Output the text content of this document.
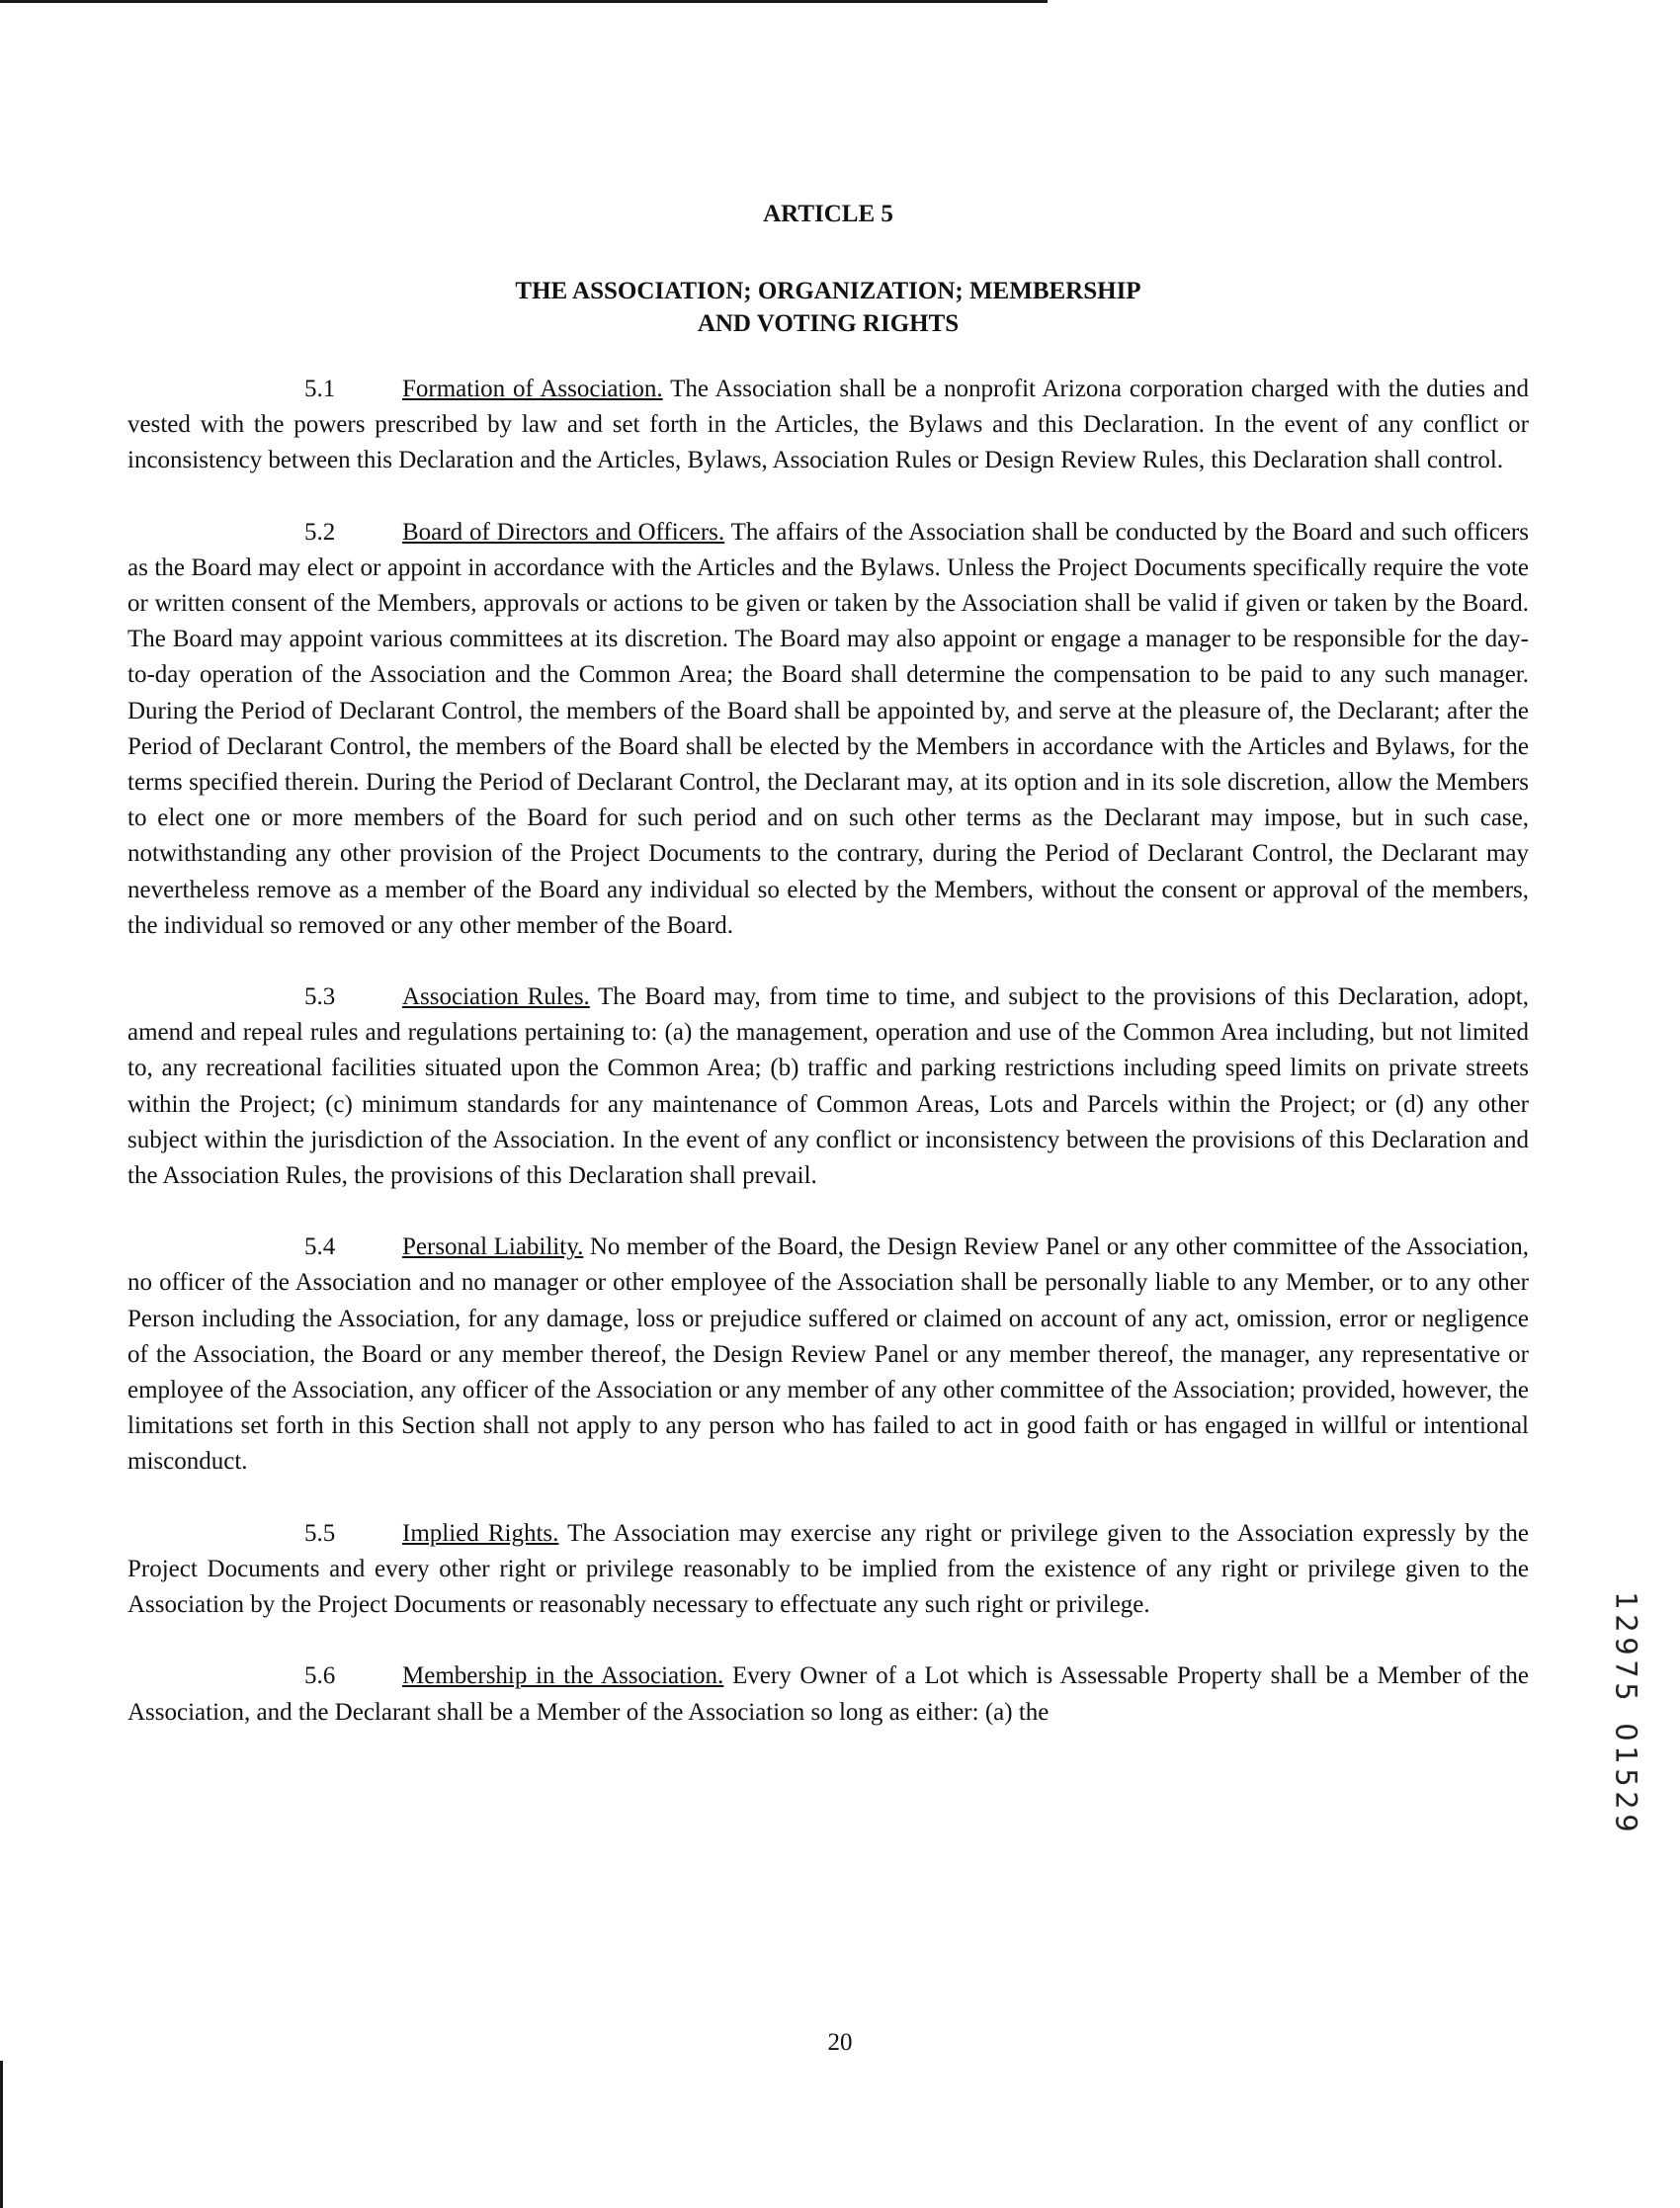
ARTICLE 5
THE ASSOCIATION; ORGANIZATION; MEMBERSHIP
AND VOTING RIGHTS

5.1	Formation of Association. The Association shall be a nonprofit Arizona corporation charged with the duties and vested with the powers prescribed by law and set forth in the Articles, the Bylaws and this Declaration. In the event of any conflict or inconsistency between this Declaration and the Articles, Bylaws, Association Rules or Design Review Rules, this Declaration shall control.

5.2	Board of Directors and Officers. The affairs of the Association shall be conducted by the Board and such officers as the Board may elect or appoint in accordance with the Articles and the Bylaws. Unless the Project Documents specifically require the vote or written consent of the Members, approvals or actions to be given or taken by the Association shall be valid if given or taken by the Board. The Board may appoint various committees at its discretion. The Board may also appoint or engage a manager to be responsible for the day-to-day operation of the Association and the Common Area; the Board shall determine the compensation to be paid to any such manager. During the Period of Declarant Control, the members of the Board shall be appointed by, and serve at the pleasure of, the Declarant; after the Period of Declarant Control, the members of the Board shall be elected by the Members in accordance with the Articles and Bylaws, for the terms specified therein. During the Period of Declarant Control, the Declarant may, at its option and in its sole discretion, allow the Members to elect one or more members of the Board for such period and on such other terms as the Declarant may impose, but in such case, notwithstanding any other provision of the Project Documents to the contrary, during the Period of Declarant Control, the Declarant may nevertheless remove as a member of the Board any individual so elected by the Members, without the consent or approval of the members, the individual so removed or any other member of the Board.

5.3	Association Rules. The Board may, from time to time, and subject to the provisions of this Declaration, adopt, amend and repeal rules and regulations pertaining to: (a) the management, operation and use of the Common Area including, but not limited to, any recreational facilities situated upon the Common Area; (b) traffic and parking restrictions including speed limits on private streets within the Project; (c) minimum standards for any maintenance of Common Areas, Lots and Parcels within the Project; or (d) any other subject within the jurisdiction of the Association. In the event of any conflict or inconsistency between the provisions of this Declaration and the Association Rules, the provisions of this Declaration shall prevail.

5.4	Personal Liability. No member of the Board, the Design Review Panel or any other committee of the Association, no officer of the Association and no manager or other employee of the Association shall be personally liable to any Member, or to any other Person including the Association, for any damage, loss or prejudice suffered or claimed on account of any act, omission, error or negligence of the Association, the Board or any member thereof, the Design Review Panel or any member thereof, the manager, any representative or employee of the Association, any officer of the Association or any member of any other committee of the Association; provided, however, the limitations set forth in this Section shall not apply to any person who has failed to act in good faith or has engaged in willful or intentional misconduct.

5.5	Implied Rights. The Association may exercise any right or privilege given to the Association expressly by the Project Documents and every other right or privilege reasonably to be implied from the existence of any right or privilege given to the Association by the Project Documents or reasonably necessary to effectuate any such right or privilege.

5.6	Membership in the Association. Every Owner of a Lot which is Assessable Property shall be a Member of the Association, and the Declarant shall be a Member of the Association so long as either: (a) the

1
2
9
7
5
0
1
5
2
9
20
